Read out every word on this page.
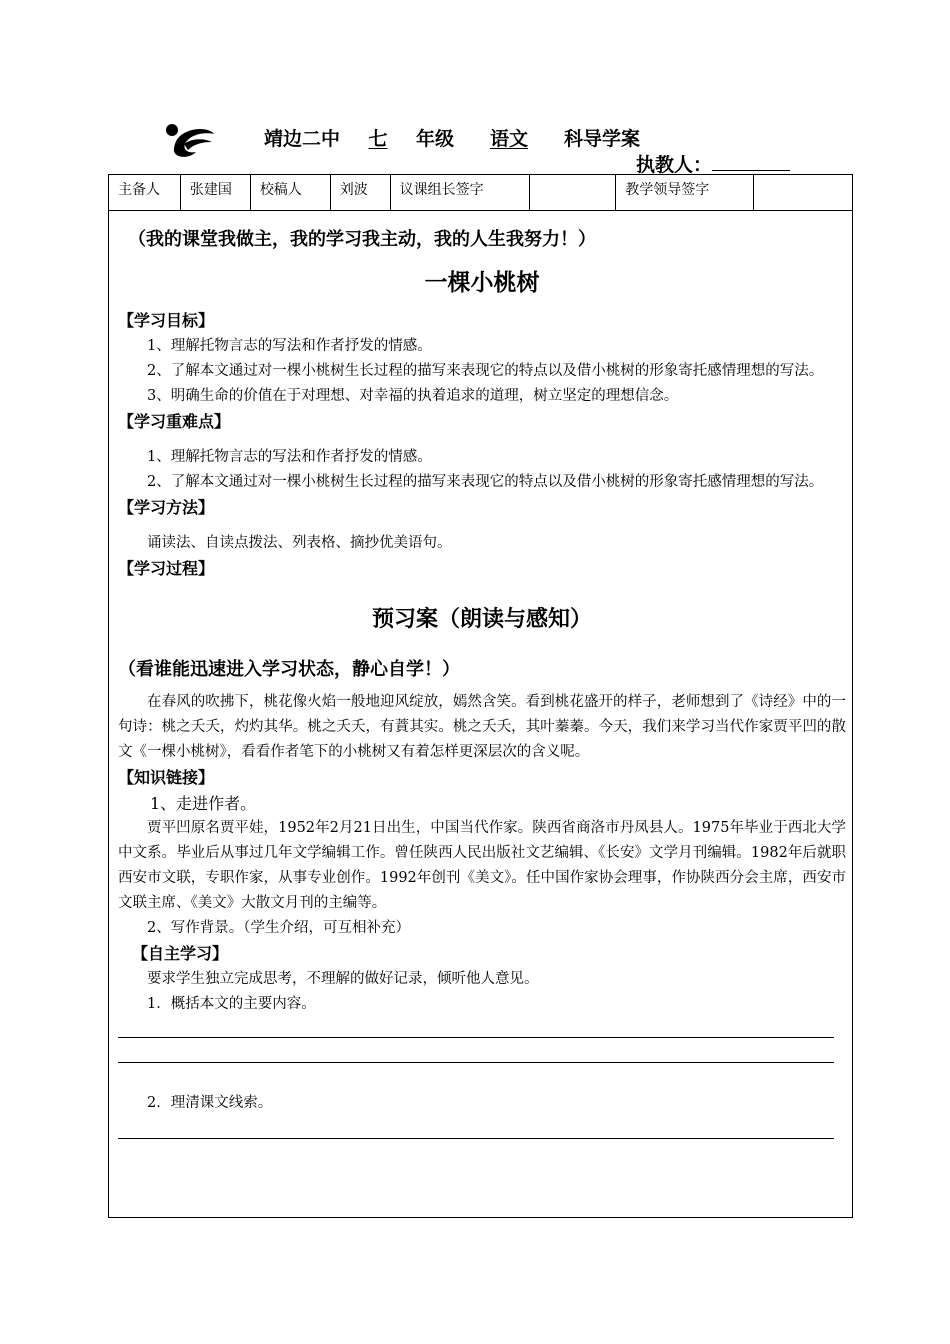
靖边二中 七 年级 语文 科导学案
执教人：
主备人	张建国	校稿人	刘波	议课组长签字		教学领导签字	
（我的课堂我做主，我的学习我主动，我的人生我努力！）
一棵小桃树
【学习目标】

1、理解托物言志的写法和作者抒发的情感。

2、了解本文通过对一棵小桃树生长过程的描写来表现它的特点以及借小桃树的形象寄托感情理想的写法。

3、明确生命的价值在于对理想、对幸福的执着追求的道理，树立坚定的理想信念。

【学习重难点】

1、理解托物言志的写法和作者抒发的情感。

2、了解本文通过对一棵小桃树生长过程的描写来表现它的特点以及借小桃树的形象寄托感情理想的写法。

【学习方法】

诵读法、自读点拨法、列表格、摘抄优美语句。

【学习过程】
预习案（朗读与感知）
（看谁能迅速进入学习状态，静心自学！）

在春风的吹拂下，桃花像火焰一般地迎风绽放，嫣然含笑。看到桃花盛开的样子，老师想到了《诗经》中的一句诗：桃之夭夭，灼灼其华。桃之夭夭，有蕡其实。桃之夭夭，其叶蓁蓁。今天，我们来学习当代作家贾平凹的散文《一棵小桃树》，看看作者笔下的小桃树又有着怎样更深层次的含义呢。

【知识链接】

1、走进作者。

贾平凹原名贾平娃，1952年2月21日出生，中国当代作家。陕西省商洛市丹凤县人。1975年毕业于西北大学中文系。毕业后从事过几年文学编辑工作。曾任陕西人民出版社文艺编辑、《长安》文学月刊编辑。1982年后就职西安市文联，专职作家，从事专业创作。1992年创刊《美文》。任中国作家协会理事，作协陕西分会主席，西安市文联主席、《美文》大散文月刊的主编等。

2、写作背景。（学生介绍，可互相补充）

【自主学习】

要求学生独立完成思考，不理解的做好记录，倾听他人意见。

1．概括本文的主要内容。

2．理清课文线索。
